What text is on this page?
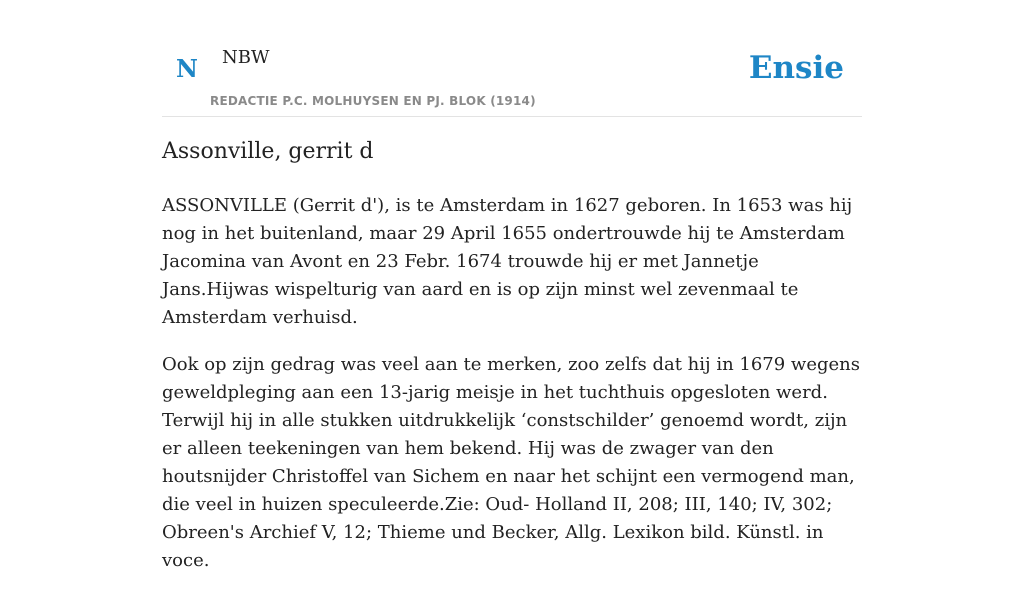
N NBW
REDACTIE P.C. MOLHUYSEN EN PJ. BLOK (1914)
Ensie
Assonville, gerrit d

ASSONVILLE (Gerrit d'), is te Amsterdam in 1627 geboren. In 1653 was hij nog in het buitenland, maar 29 April 1655 ondertrouwde hij te Amsterdam Jacomina van Avont en 23 Febr. 1674 trouwde hij er met Jannetje Jans.Hijwas wispelturig van aard en is op zijn minst wel zevenmaal te Amsterdam verhuisd.

Ook op zijn gedrag was veel aan te merken, zoo zelfs dat hij in 1679 wegens geweldpleging aan een 13-jarig meisje in het tuchthuis opgesloten werd. Terwijl hij in alle stukken uitdrukkelijk ‘constschilder’ genoemd wordt, zijn er alleen teekeningen van hem bekend. Hij was de zwager van den houtsnijder Christoffel van Sichem en naar het schijnt een vermogend man, die veel in huizen speculeerde.Zie: Oud- Holland II, 208; III, 140; IV, 302; Obreen's Archief V, 12; Thieme und Becker, Allg. Lexikon bild. Künstl. in voce.
